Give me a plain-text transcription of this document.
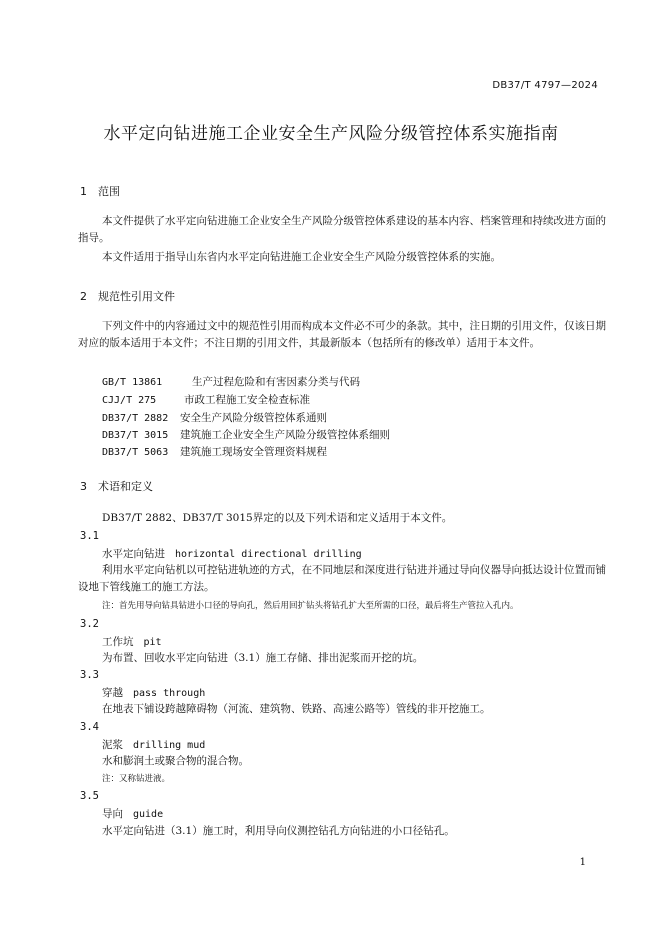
DB37/T 4797—2024
水平定向钻进施工企业安全生产风险分级管控体系实施指南
1 范围
本文件提供了水平定向钻进施工企业安全生产风险分级管控体系建设的基本内容、档案管理和持续改进方面的指导。
本文件适用于指导山东省内水平定向钻进施工企业安全生产风险分级管控体系的实施。
2 规范性引用文件
下列文件中的内容通过文中的规范性引用而构成本文件必不可少的条款。其中，注日期的引用文件，仅该日期对应的版本适用于本文件；不注日期的引用文件，其最新版本（包括所有的修改单）适用于本文件。
GB/T 13861	生产过程危险和有害因素分类与代码
CJJ/T 275	市政工程施工安全检查标准
DB37/T 2882 安全生产风险分级管控体系通则
DB37/T 3015 建筑施工企业安全生产风险分级管控体系细则
DB37/T 5063 建筑施工现场安全管理资料规程
3 术语和定义
DB37/T 2882、DB37/T 3015界定的以及下列术语和定义适用于本文件。
3.1
水平定向钻进 horizontal directional drilling
利用水平定向钻机以可控钻进轨迹的方式，在不同地层和深度进行钻进并通过导向仪器导向抵达设计位置而铺设地下管线施工的施工方法。
注：首先用导向钻具钻进小口径的导向孔，然后用回扩钻头将钻孔扩大至所需的口径，最后将生产管拉入孔内。
3.2
工作坑 pit
为布置、回收水平定向钻进（3.1）施工存储、排出泥浆而开挖的坑。
3.3
穿越 pass through
在地表下铺设跨越障碍物（河流、建筑物、铁路、高速公路等）管线的非开挖施工。
3.4
泥浆 drilling mud
水和膨润土或聚合物的混合物。
注：又称钻进液。
3.5
导向 guide
水平定向钻进（3.1）施工时，利用导向仪测控钻孔方向钻进的小口径钻孔。
1
